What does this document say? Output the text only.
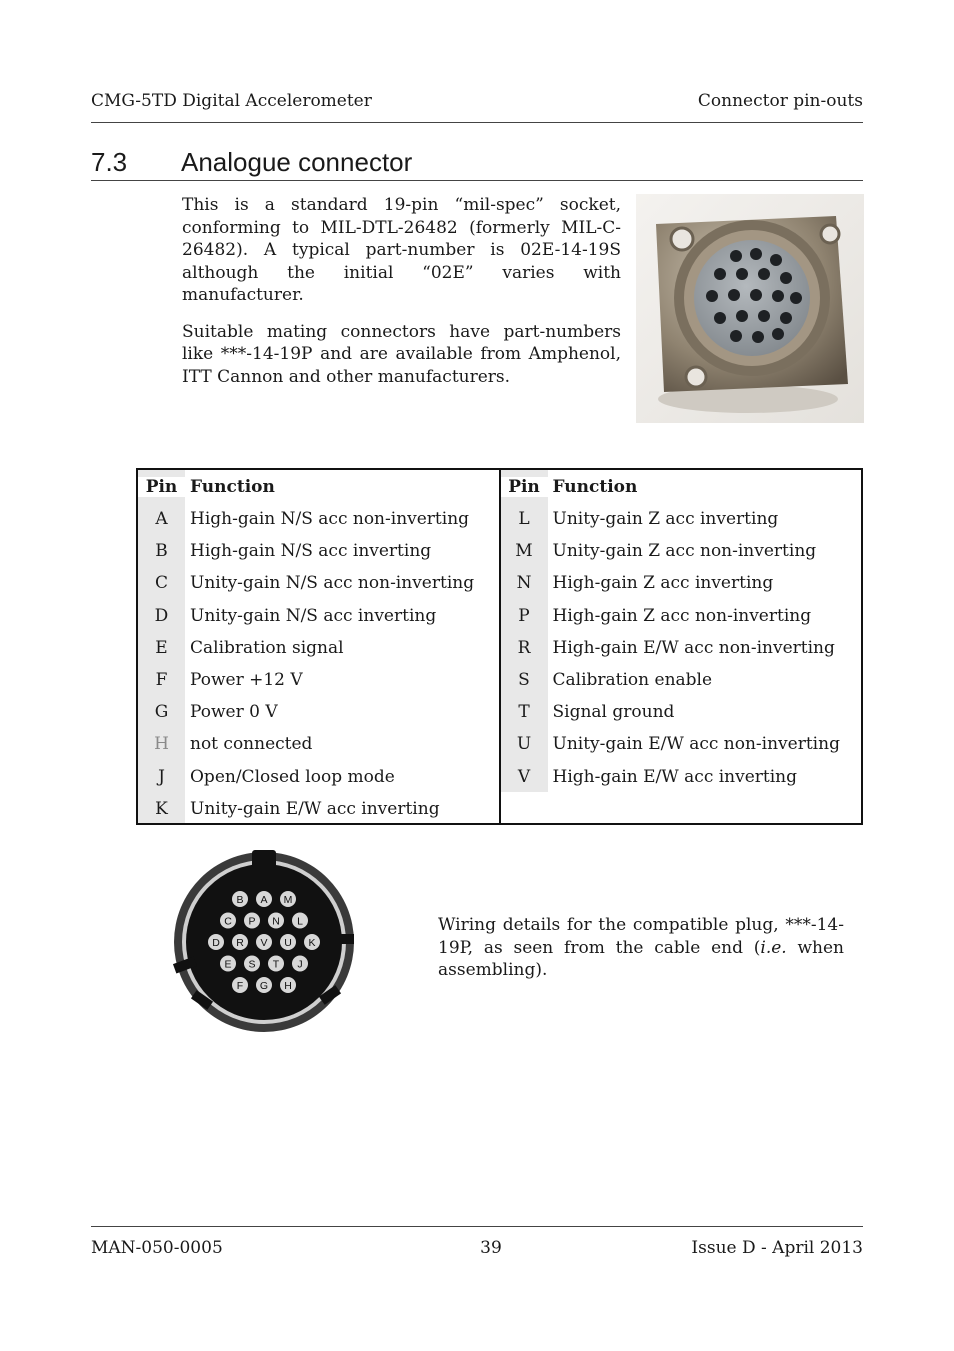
CMG-5TD Digital Accelerometer	Connector pin-outs
7.3 Analogue connector

This is a standard 19-pin “mil-spec” socket, conforming to MIL-DTL-26482 (formerly MIL-C-26482). A typical part-number is 02E-14-19S although the initial “02E” varies with manufacturer.

Suitable mating connectors have part-numbers like ***-14-19P and are available from Amphenol, ITT Cannon and other manufacturers.

Pin Function
A	High-gain N/S acc non-inverting
B	High-gain N/S acc inverting
C	Unity-gain N/S acc non-inverting
D	Unity-gain N/S acc inverting
E	Calibration signal
F	Power +12 V
G	Power 0 V
H	not connected
J	Open/Closed loop mode
K	Unity-gain E/W acc inverting
Pin Function
L	Unity-gain Z acc inverting
M	Unity-gain Z acc non-inverting
N	High-gain Z acc inverting
P	High-gain Z acc non-inverting
R	High-gain E/W acc non-inverting
S	Calibration enable
T	Signal ground
U	Unity-gain E/W acc non-inverting
V	High-gain E/W acc inverting
B A M
C P N L
D R V U K
E S T J
F G H
Wiring details for the compatible plug, ***-14-19P, as seen from the cable end (i.e. when assembling).
MAN-050-0005	39	Issue D - April 2013
